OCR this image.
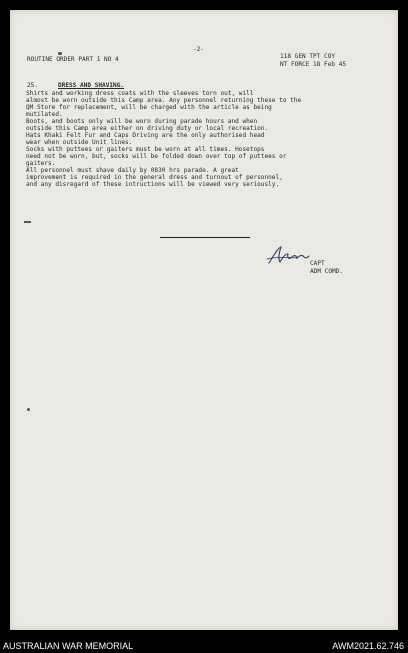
-2-
ROUTINE ORDER PART 1 NO 4	118 GEN TPT COY
NT FORCE 18 Feb 45
25.	DRESS AND SHAVING.
Shirts and working dress coats with the sleeves torn out, will
almost be worn outside this Camp area. Any personnel returning these to the
QM Store for replacement, will be charged with the article as being
mutilated.
Boots, and boots only will be worn during parade hours and when
outside this Camp area either on driving duty or local recreation.
Hats Khaki Felt Fur and Caps Driving are the only authorised head
wear when outside Unit lines.
Socks with puttees or gaiters must be worn at all times. Hosetops
need not be worn, but, socks will be folded down over top of puttees or
gaiters.
All personnel must shave daily by 0830 hrs parade. A great
improvement is required in the general dress and turnout of personnel,
and any disregard of these intructions will be viewed very seriously.
CAPT
ADM COMD.
AUSTRALIAN WAR MEMORIAL	AWM2021.62.746
